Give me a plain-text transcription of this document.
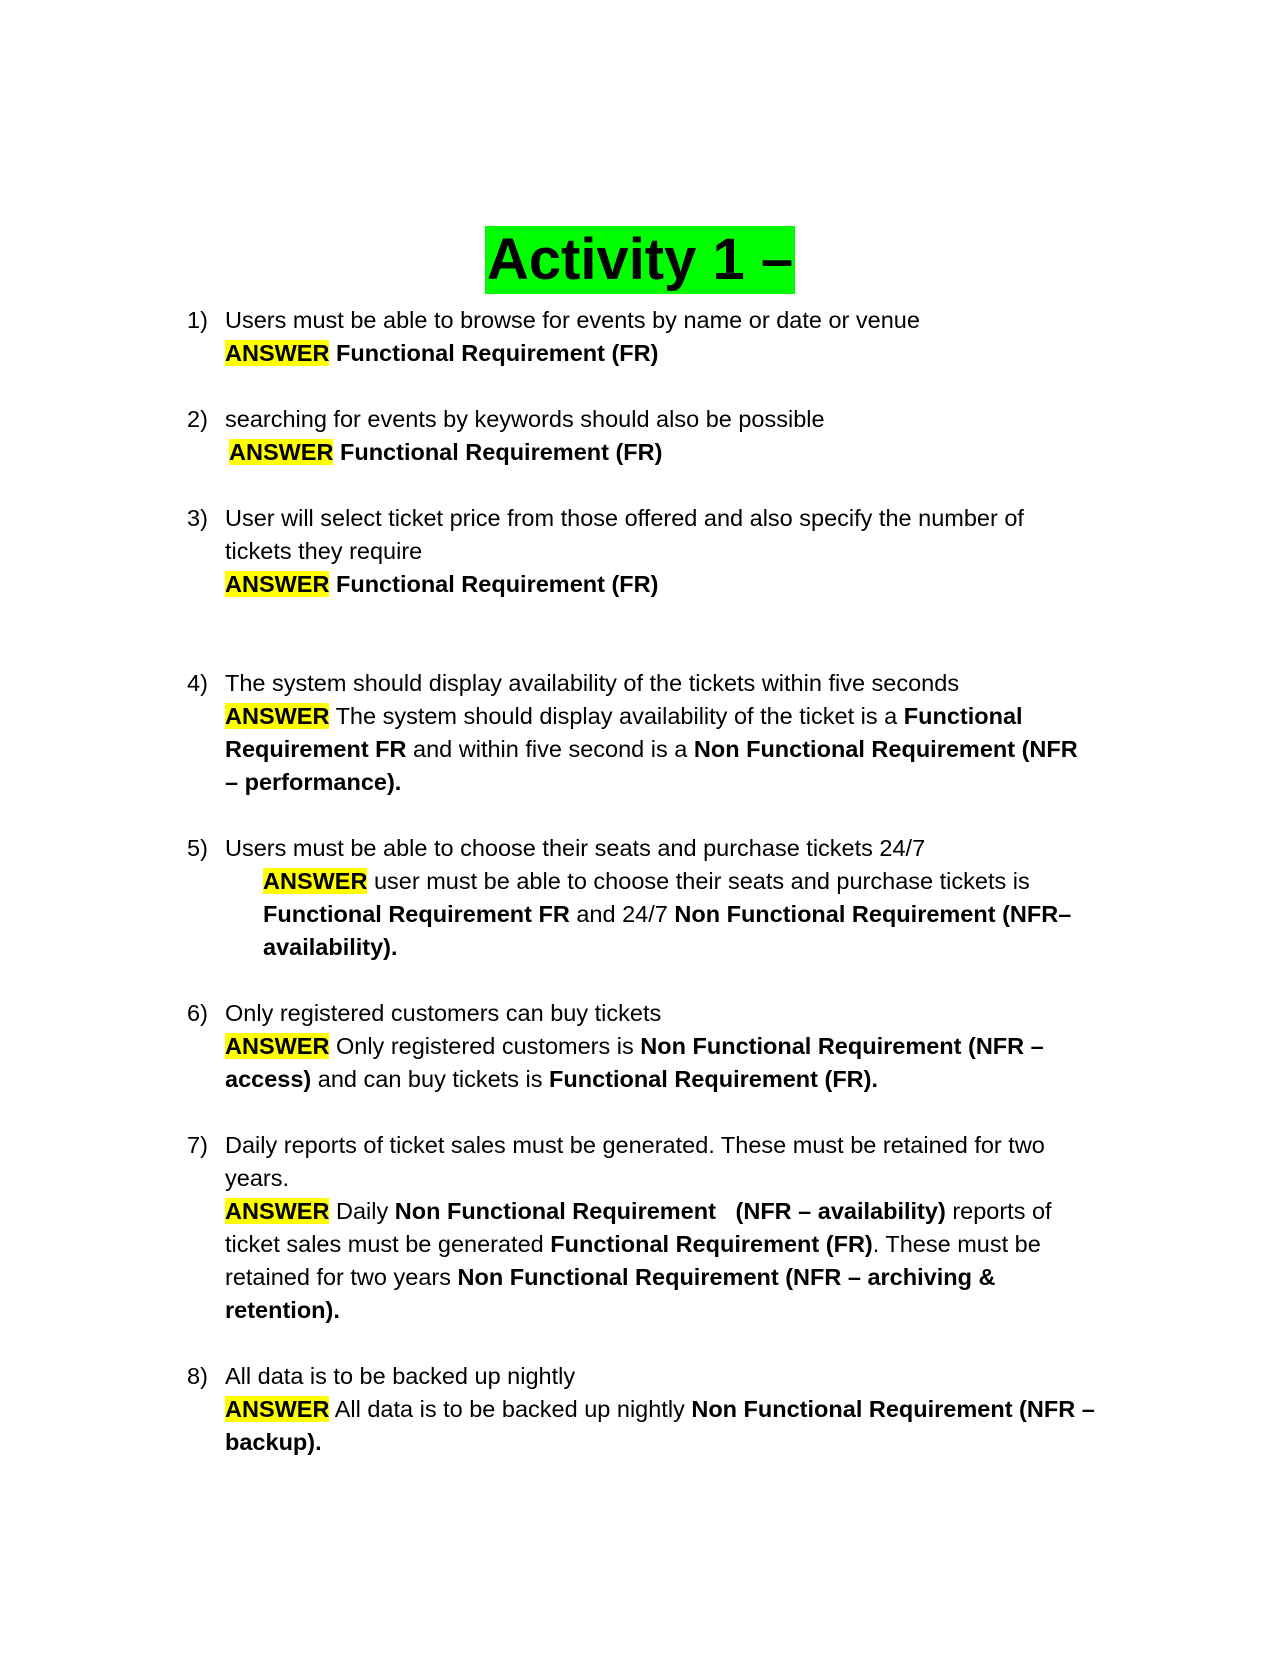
Activity 1 –
1) Users must be able to browse for events by name or date or venue

ANSWER Functional Requirement (FR)

2) searching for events by keywords should also be possible

ANSWER Functional Requirement (FR)

3) User will select ticket price from those offered and also specify the number of tickets they require

ANSWER Functional Requirement (FR)

4) The system should display availability of the tickets within five seconds

ANSWER The system should display availability of the ticket is a Functional Requirement FR and within five second is a Non Functional Requirement (NFR – performance).

5) Users must be able to choose their seats and purchase tickets 24/7

ANSWER user must be able to choose their seats and purchase tickets is Functional Requirement FR and 24/7 Non Functional Requirement (NFR– availability).

6) Only registered customers can buy tickets

ANSWER Only registered customers is Non Functional Requirement (NFR – access) and can buy tickets is Functional Requirement (FR).

7) Daily reports of ticket sales must be generated. These must be retained for two years.

ANSWER Daily Non Functional Requirement (NFR – availability) reports of ticket sales must be generated Functional Requirement (FR). These must be retained for two years Non Functional Requirement (NFR – archiving & retention).

8) All data is to be backed up nightly

ANSWER All data is to be backed up nightly Non Functional Requirement (NFR – backup).
